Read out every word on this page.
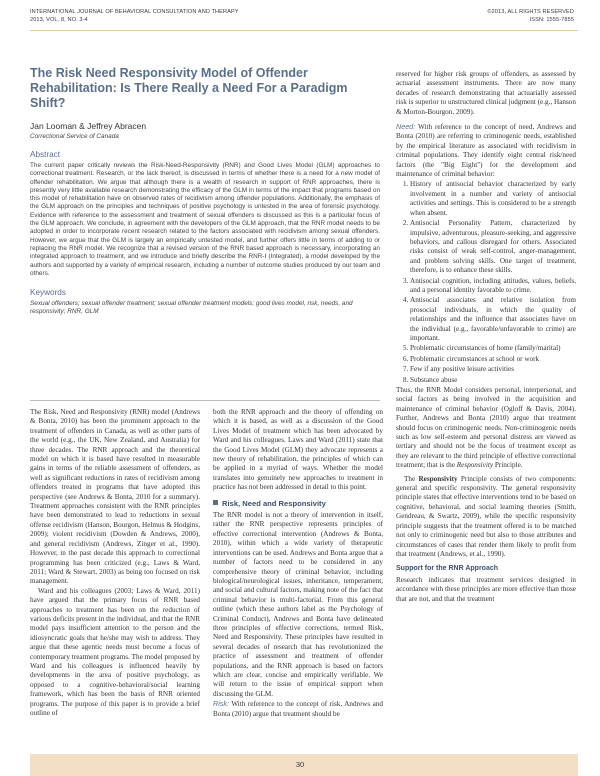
INTERNATIONAL JOURNAL OF BEHAVIORAL CONSULTATION AND THERAPY
2013, VOL. 8, NO. 3-4
©2013, ALL RIGHTS RESERVED
ISSN: 1555-7855
The Risk Need Responsivity Model of Offender Rehabilitation: Is There Really a Need For a Paradigm Shift?
Jan Looman & Jeffrey Abracen
Correctional Service of Canada
Abstract
The current paper critically reviews the Risk-Need-Responsivity (RNR) and Good Lives Model (GLM) approaches to correctional treatment. Research, or the lack thereof, is discussed in terms of whether there is a need for a new model of offender rehabilitation. We argue that although there is a wealth of research in support of RNR approaches, there is presently very little available research demonstrating the efficacy of the GLM in terms of the impact that programs based on this model of rehabilitation have on observed rates of recidivism among offender populations. Additionally, the emphasis of the GLM approach on the principles and techniques of positive psychology is untested in the area of forensic psychology. Evidence with reference to the assessment and treatment of sexual offenders is discussed as this is a particular focus of the GLM approach. We conclude, in agreement with the developers of the GLM approach, that the RNR model needs to be adopted in order to incorporate recent research related to the factors associated with recidivism among sexual offenders. However, we argue that the GLM is largely an empirically untested model, and further offers little in terms of adding to or replacing the RNR model. We recognize that a revised version of the RNR based approach is necessary, incorporating an integrated approach to treatment, and we introduce and briefly describe the RNR-I (Integrated), a model developed by the authors and supported by a variety of empirical research, including a number of outcome studies produced by our team and others.
Keywords
Sexual offenders; sexual offender treatment; sexual offender treatment models; good lives model, risk, needs, and responsivity; RNR, GLM

The Risk, Need and Responsivity (RNR) model (Andrews & Bonta, 2010) has been the prominent approach to the treatment of offenders in Canada, as well as other parts of the world (e.g., the UK, New Zealand, and Australia) for three decades. The RNR approach and the theoretical model on which it is based have resulted in measurable gains in terms of the reliable assessment of offenders, as well as significant reductions in rates of recidivism among offenders treated in programs that have adopted this perspective (see Andrews & Bonta, 2010 for a summary). Treatment approaches consistent with the RNR principles have been demonstrated to lead to reductions in sexual offense recidivism (Hanson, Bourgon, Helmus & Hodgins, 2009); violent recidivism (Dowden & Andrews, 2000), and general recidivism (Andrews, Zinger et al., 1990). However, in the past decade this approach to correctional programming has been criticized (e.g., Laws & Ward, 2011; Ward & Stewart, 2003) as being too focused on risk management.

Ward and his colleagues (2003; Laws & Ward, 2011) have argued that the primary focus of RNR based approaches to treatment has been on the reduction of various deficits present in the individual, and that the RNR model pays insufficient attention to the person and the idiosyncratic goals that he/she may wish to address. They argue that these agentic needs must become a focus of contemporary treatment programs. The model proposed by Ward and his colleagues is influenced heavily by developments in the area of positive psychology, as opposed to a cognitive-behavioral/social learning framework, which has been the basis of RNR oriented programs. The purpose of this paper is to provide a brief outline of

both the RNR approach and the theory of offending on which it is based, as well as a discussion of the Good Lives Model of treatment which has been advocated by Ward and his colleagues. Laws and Ward (2011) state that the Good Lives Model (GLM) they advocate represents a new theory of rehabilitation, the principles of which can be applied in a myriad of ways. Whether the model translates into genuinely new approaches to treatment in practice has not been addressed in detail to this point.

Risk, Need and Responsivity

The RNR model is not a theory of intervention in itself, rather the RNR perspective represents principles of effective correctional intervention (Andrews & Bonta, 2010), within which a wide variety of therapeutic interventions can be used. Andrews and Bonta argue that a number of factors need to be considered in any comprehensive theory of criminal behavior, including biological/neurological issues, inheritance, temperament, and social and cultural factors, making note of the fact that criminal behavior is multi-factorial. From this general outline (which these authors label as the Psychology of Criminal Conduct), Andrews and Bonta have delineated three principles of effective corrections, termed Risk, Need and Responsivity. These principles have resulted in several decades of research that has revolutionized the practice of assessment and treatment of offender populations, and the RNR approach is based on factors which are clear, concise and empirically verifiable. We will return to the issue of empirical support when discussing the GLM.

Risk: With reference to the concept of risk, Andrews and Bonta (2010) argue that treatment should be

reserved for higher risk groups of offenders, as assessed by actuarial assessment instruments. There are now many decades of research demonstrating that actuarially assessed risk is superior to unstructured clinical judgment (e.g., Hanson & Morton-Bourgon, 2009).

Need: With reference to the concept of need, Andrews and Bonta (2010) are referring to criminogenic needs, established by the empirical literature as associated with recidivism in criminal populations. They identify eight central risk/need factors (the "Big Eight") for the development and maintenance of criminal behavior:

1. History of antisocial behavior characterized by early involvement in a number and variety of antisocial activities and settings. This is considered to be a strength when absent.
2. Antisocial Personality Pattern, characterized by impulsive, adventurous, pleasure-seeking, and aggressive behaviors, and callous disregard for others. Associated risks consist of weak self-control, anger-management, and problem solving skills. One target of treatment, therefore, is to enhance these skills.
3. Antisocial cognition, including attitudes, values, beliefs, and a personal identity favorable to crime.
4. Antisocial associates and relative isolation from prosocial individuals, in which the quality of relationships and the influence that associates have on the individual (e.g., favorable/unfavorable to crime) are important.
5. Problematic circumstances of home (family/marital)
6. Problematic circumstances at school or work
7. Few if any positive leisure activities
8. Substance abuse

Thus, the RNR Model considers personal, interpersonal, and social factors as being involved in the acquisition and maintenance of criminal behavior (Ogloff & Davis, 2004). Further, Andrews and Bonta (2010) argue that treatment should focus on criminogenic needs. Non-criminogenic needs such as low self-esteem and personal distress are viewed as tertiary and should not be the focus of treatment except as they are relevant to the third principle of effective correctional treatment; that is the Responsivity Principle.

The Responsivity Principle consists of two components: general and specific responsivity. The general responsivity principle states that effective interventions tend to be based on cognitive, behavioral, and social learning theories (Smith, Gendreau, & Swartz, 2009), while the specific responsivity principle suggests that the treatment offered is to be matched not only to criminogenic need but also to those attributes and circumstances of cases that render them likely to profit from that treatment (Andrews, et al., 1990).

Support for the RNR Approach

Research indicates that treatment services designed in accordance with these principles are more effective than those that are not, and that the treatment

30
